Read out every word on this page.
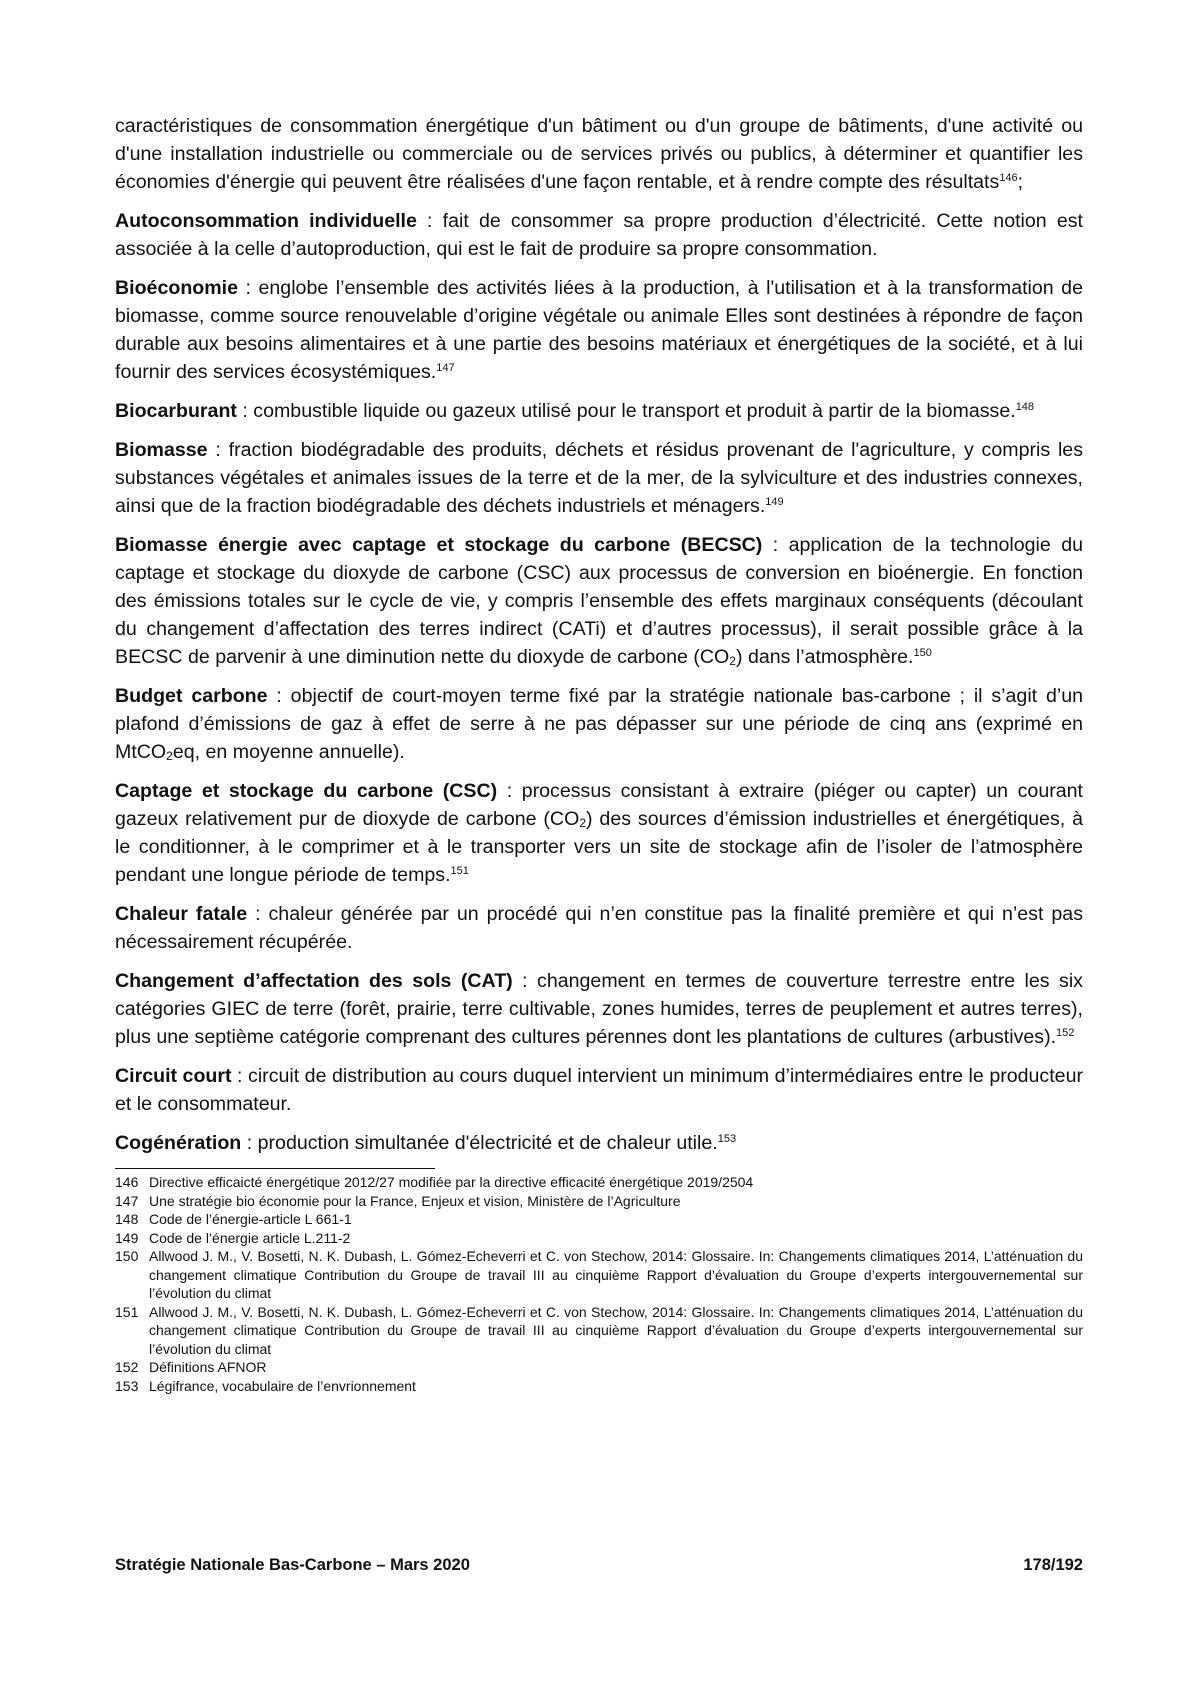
caractéristiques de consommation énergétique d'un bâtiment ou d'un groupe de bâtiments, d'une activité ou d'une installation industrielle ou commerciale ou de services privés ou publics, à déterminer et quantifier les économies d'énergie qui peuvent être réalisées d'une façon rentable, et à rendre compte des résultats$^{146}$;

Autoconsommation individuelle : fait de consommer sa propre production d’électricité. Cette notion est associée à la celle d’autoproduction, qui est le fait de produire sa propre consommation.

Bioéconomie : englobe l’ensemble des activités liées à la production, à l'utilisation et à la transformation de biomasse, comme source renouvelable d’origine végétale ou animale Elles sont destinées à répondre de façon durable aux besoins alimentaires et à une partie des besoins matériaux et énergétiques de la société, et à lui fournir des services écosystémiques.$^{147}$

Biocarburant : combustible liquide ou gazeux utilisé pour le transport et produit à partir de la biomasse.$^{148}$

Biomasse : fraction biodégradable des produits, déchets et résidus provenant de l'agriculture, y compris les substances végétales et animales issues de la terre et de la mer, de la sylviculture et des industries connexes, ainsi que de la fraction biodégradable des déchets industriels et ménagers.$^{149}$

Biomasse énergie avec captage et stockage du carbone (BECSC) : application de la technologie du captage et stockage du dioxyde de carbone (CSC) aux processus de conversion en bioénergie. En fonction des émissions totales sur le cycle de vie, y compris l’ensemble des effets marginaux conséquents (découlant du changement d’affectation des terres indirect (CATi) et d’autres processus), il serait possible grâce à la BECSC de parvenir à une diminution nette du dioxyde de carbone $(CO_2)$ dans l’atmosphère.$^{150}$

Budget carbone : objectif de court-moyen terme fixé par la stratégie nationale bas-carbone ; il s’agit d’un plafond d’émissions de gaz à effet de serre à ne pas dépasser sur une période de cinq ans (exprimé en MtCO$_2$eq, en moyenne annuelle).

Captage et stockage du carbone (CSC) : processus consistant à extraire (piéger ou capter) un courant gazeux relativement pur de dioxyde de carbone $(CO_2)$ des sources d’émission industrielles et énergétiques, à le conditionner, à le comprimer et à le transporter vers un site de stockage afin de l’isoler de l’atmosphère pendant une longue période de temps.$^{151}$

Chaleur fatale : chaleur générée par un procédé qui n’en constitue pas la finalité première et qui n’est pas nécessairement récupérée.

Changement d’affectation des sols (CAT) : changement en termes de couverture terrestre entre les six catégories GIEC de terre (forêt, prairie, terre cultivable, zones humides, terres de peuplement et autres terres), plus une septième catégorie comprenant des cultures pérennes dont les plantations de cultures (arbustives).$^{152}$

Circuit court : circuit de distribution au cours duquel intervient un minimum d’intermédiaires entre le producteur et le consommateur.

Cogénération : production simultanée d'électricité et de chaleur utile.$^{153}$

146 Directive efficaicté énergétique 2012/27 modifiée par la directive efficacité énergétique 2019/2504
147 Une stratégie bio économie pour la France, Enjeux et vision, Ministère de l’Agriculture
148 Code de l’énergie-article L 661-1
149 Code de l’énergie article L.211-2
150 Allwood J. M., V. Bosetti, N. K. Dubash, L. Gómez-Echeverri et C. von Stechow, 2014: Glossaire. In: Changements climatiques 2014, L’atténuation du changement climatique Contribution du Groupe de travail III au cinquième Rapport d’évaluation du Groupe d’experts intergouvernemental sur l’évolution du climat
151 Allwood J. M., V. Bosetti, N. K. Dubash, L. Gómez-Echeverri et C. von Stechow, 2014: Glossaire. In: Changements climatiques 2014, L’atténuation du changement climatique Contribution du Groupe de travail III au cinquième Rapport d’évaluation du Groupe d’experts intergouvernemental sur l’évolution du climat
152 Définitions AFNOR
153 Légifrance, vocabulaire de l’envrionnement
Stratégie Nationale Bas-Carbone – Mars 2020	178/192
